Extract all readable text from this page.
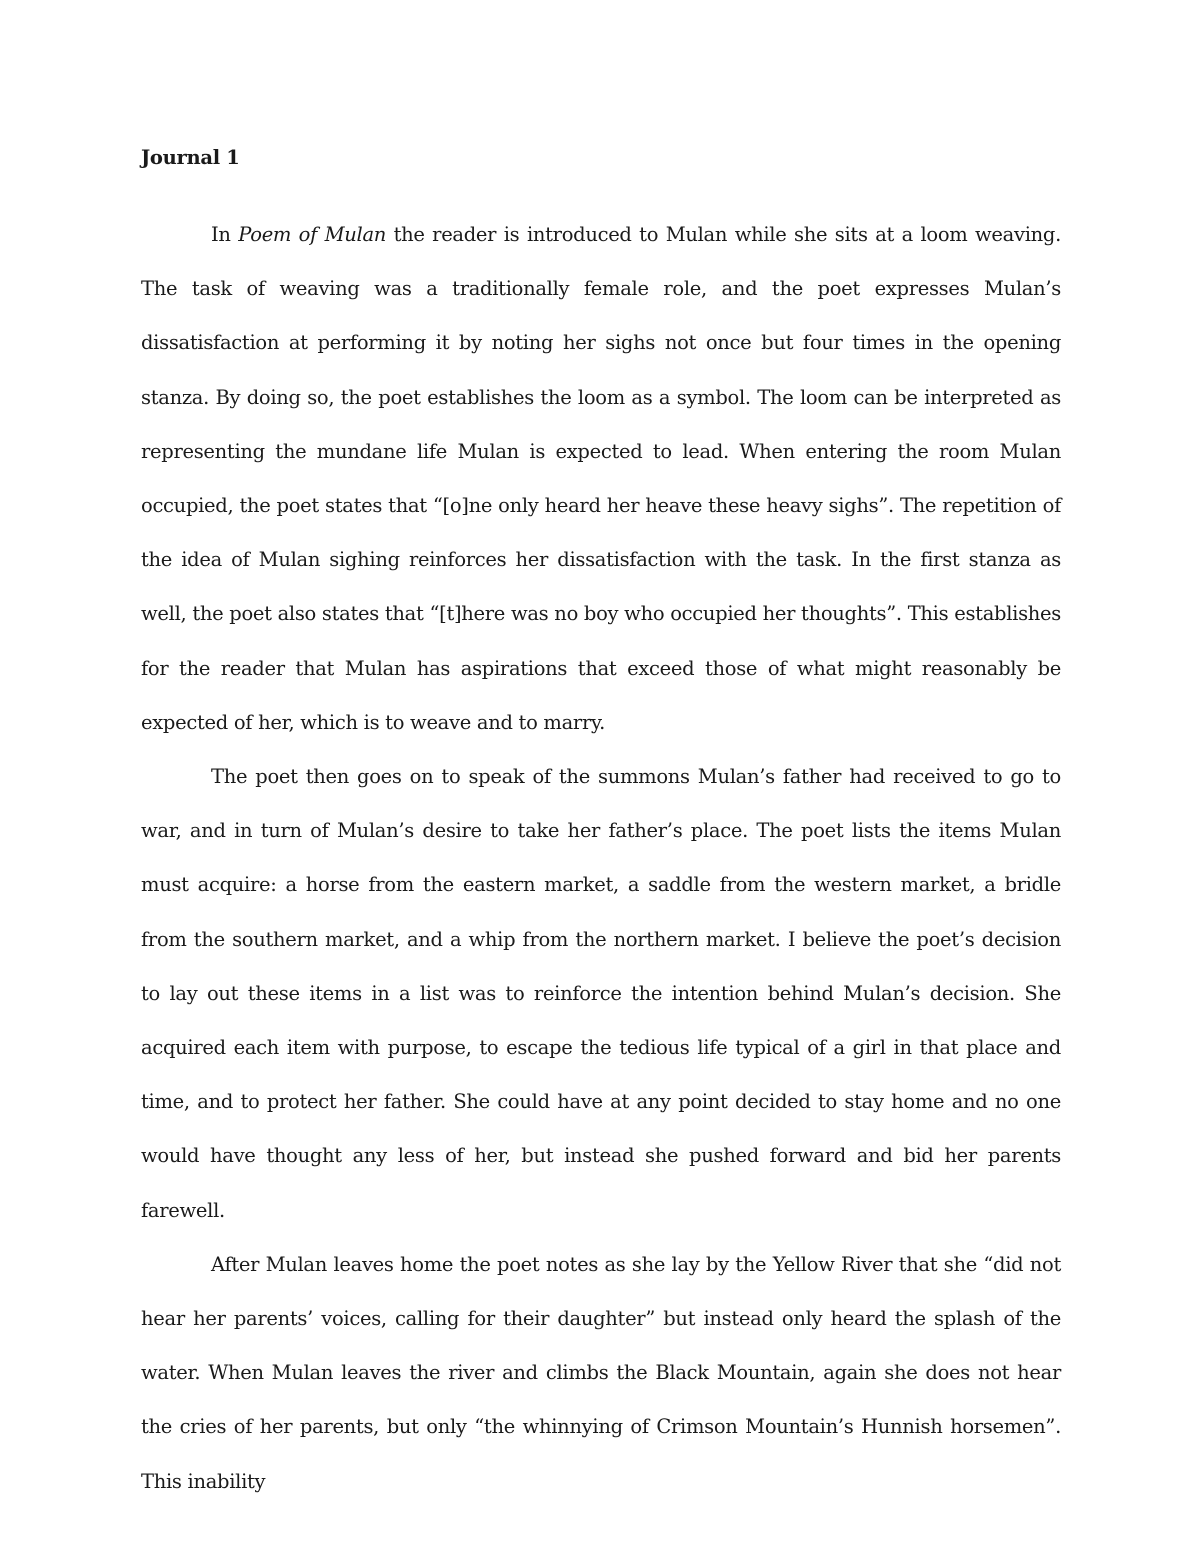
Journal 1

In Poem of Mulan the reader is introduced to Mulan while she sits at a loom weaving. The task of weaving was a traditionally female role, and the poet expresses Mulan’s dissatisfaction at performing it by noting her sighs not once but four times in the opening stanza. By doing so, the poet establishes the loom as a symbol. The loom can be interpreted as representing the mundane life Mulan is expected to lead. When entering the room Mulan occupied, the poet states that “[o]ne only heard her heave these heavy sighs”. The repetition of the idea of Mulan sighing reinforces her dissatisfaction with the task. In the first stanza as well, the poet also states that “[t]here was no boy who occupied her thoughts”. This establishes for the reader that Mulan has aspirations that exceed those of what might reasonably be expected of her, which is to weave and to marry.

The poet then goes on to speak of the summons Mulan’s father had received to go to war, and in turn of Mulan’s desire to take her father’s place. The poet lists the items Mulan must acquire: a horse from the eastern market, a saddle from the western market, a bridle from the southern market, and a whip from the northern market. I believe the poet’s decision to lay out these items in a list was to reinforce the intention behind Mulan’s decision. She acquired each item with purpose, to escape the tedious life typical of a girl in that place and time, and to protect her father. She could have at any point decided to stay home and no one would have thought any less of her, but instead she pushed forward and bid her parents farewell.

After Mulan leaves home the poet notes as she lay by the Yellow River that she “did not hear her parents’ voices, calling for their daughter” but instead only heard the splash of the water. When Mulan leaves the river and climbs the Black Mountain, again she does not hear the cries of her parents, but only “the whinnying of Crimson Mountain’s Hunnish horsemen”. This inability
